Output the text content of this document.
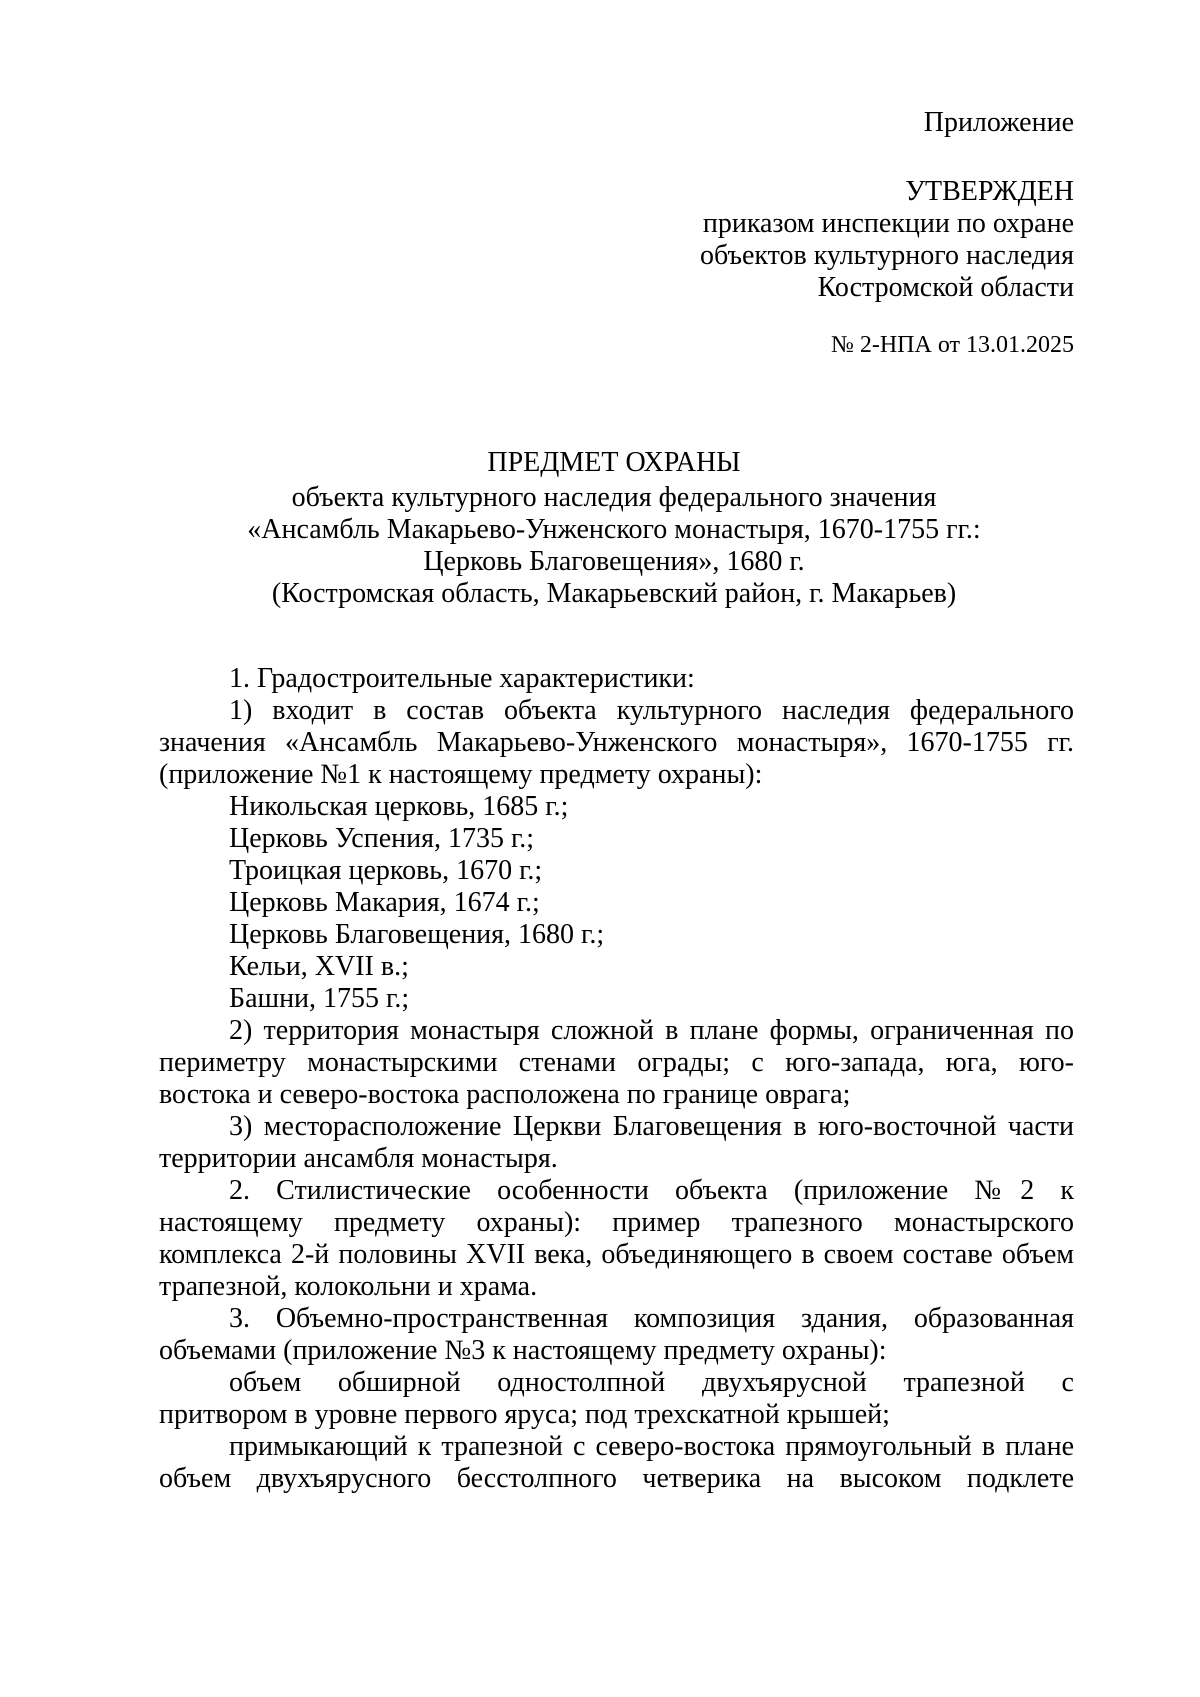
Приложение
УТВЕРЖДЕН
приказом инспекции по охране
объектов культурного наследия
Костромской области
№ 2-НПА от 13.01.2025
ПРЕДМЕТ ОХРАНЫ
объекта культурного наследия федерального значения
«Ансамбль Макарьево-Унженского монастыря, 1670-1755 гг.:
Церковь Благовещения», 1680 г.
(Костромская область, Макарьевский район, г. Макарьев)
1. Градостроительные характеристики:
1) входит в состав объекта культурного наследия федерального
значения «Ансамбль Макарьево-Унженского монастыря», 1670-1755 гг.
(приложение №1 к настоящему предмету охраны):
Никольская церковь, 1685 г.;
Церковь Успения, 1735 г.;
Троицкая церковь, 1670 г.;
Церковь Макария, 1674 г.;
Церковь Благовещения, 1680 г.;
Кельи, XVII в.;
Башни, 1755 г.;
2) территория монастыря сложной в плане формы, ограниченная по
периметру монастырскими стенами ограды; с юго-запада, юга, юго-
востока и северо-востока расположена по границе оврага;
3) месторасположение Церкви Благовещения в юго-восточной части
территории ансамбля монастыря.
2. Стилистические особенности объекта (приложение №2 к
настоящему предмету охраны): пример трапезного монастырского
комплекса 2-й половины XVII века, объединяющего в своем составе объем
трапезной, колокольни и храма.
3. Объемно-пространственная композиция здания, образованная
объемами (приложение №3 к настоящему предмету охраны):
объем обширной одностолпной двухъярусной трапезной с
притвором в уровне первого яруса; под трехскатной крышей;
примыкающий к трапезной с северо-востока прямоугольный в плане
объем двухъярусного бесстолпного четверика на высоком подклете
